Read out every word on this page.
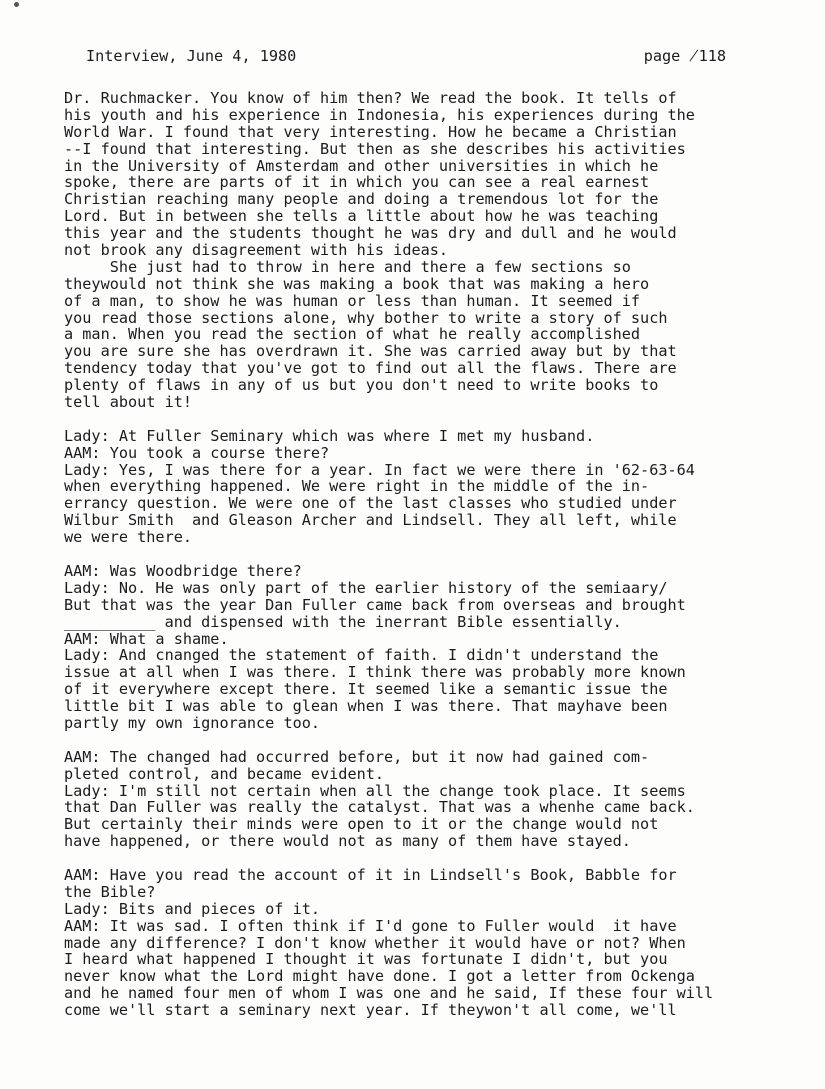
Interview, June 4, 1980

	page ̸118

Dr. Ruchmacker. You know of him then? We read the book. It tells of
his youth and his experience in Indonesia, his experiences during the
World War. I found that very interesting. How he became a Christian
--I found that interesting. But then as she describes his activities
in the University of Amsterdam and other universities in which he
spoke, there are parts of it in which you can see a real earnest
Christian reaching many people and doing a tremendous lot for the
Lord. But in between she tells a little about how he was teaching
this year and the students thought he was dry and dull and he would
not brook any disagreement with his ideas.
She just had to throw in here and there a few sections so
theywould not think she was making a book that was making a hero
of a man, to show he was human or less than human. It seemed if
you read those sections alone, why bother to write a story of such
a man. When you read the section of what he really accomplished
you are sure she has overdrawn it. She was carried away but by that
tendency today that you've got to find out all the flaws. There are
plenty of flaws in any of us but you don't need to write books to
tell about it!
Lady: At Fuller Seminary which was where I met my husband.
AAM: You took a course there?
Lady: Yes, I was there for a year. In fact we were there in '62-63-64
when everything happened. We were right in the middle of the in-
errancy question. We were one of the last classes who studied under
Wilbur Smith  and Gleason Archer and Lindsell. They all left, while
we were there.
AAM: Was Woodbridge there?
Lady: No. He was only part of the earlier history of the semiaary/
But that was the year Dan Fuller came back from overseas and brought
__________ and dispensed with the inerrant Bible essentially.
AAM: What a shame.
Lady: And cnanged the statement of faith. I didn't understand the
issue at all when I was there. I think there was probably more known
of it everywhere except there. It seemed like a semantic issue the
little bit I was able to glean when I was there. That mayhave been
partly my own ignorance too.
AAM: The changed had occurred before, but it now had gained com-
pleted control, and became evident.
Lady: I'm still not certain when all the change took place. It seems
that Dan Fuller was really the catalyst. That was a whenhe came back.
But certainly their minds were open to it or the change would not
have happened, or there would not as many of them have stayed.
AAM: Have you read the account of it in Lindsell's Book, Babble for
the Bible?
Lady: Bits and pieces of it.
AAM: It was sad. I often think if I'd gone to Fuller would  it have
made any difference? I don't know whether it would have or not? When
I heard what happened I thought it was fortunate I didn't, but you
never know what the Lord might have done. I got a letter from Ockenga
and he named four men of whom I was one and he said, If these four will
come we'll start a seminary next year. If theywon't all come, we'll
